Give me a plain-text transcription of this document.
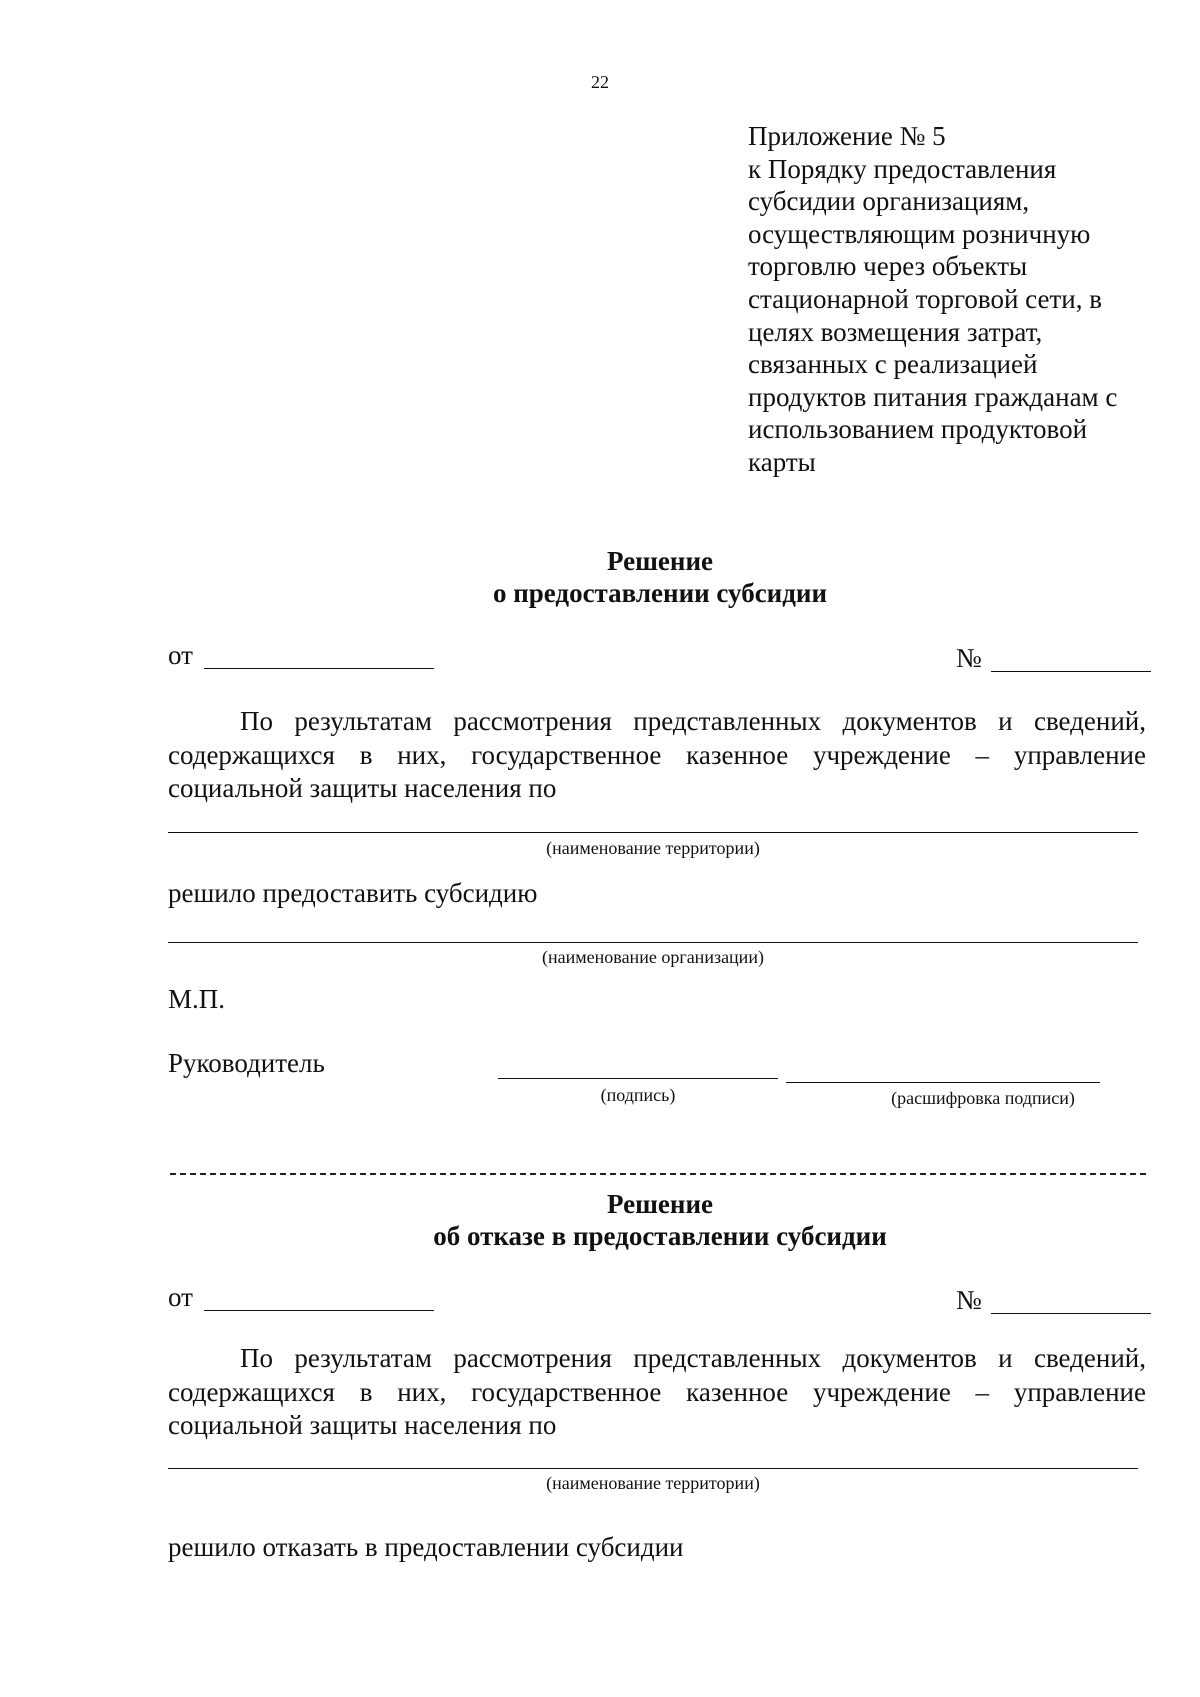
22
Приложение № 5
к Порядку предоставления
субсидии организациям,
осуществляющим розничную
торговлю через объекты
стационарной торговой сети, в
целях возмещения затрат,
связанных с реализацией
продуктов питания гражданам с
использованием продуктовой
карты
Решение
о предоставлении субсидии
от	№
По результатам рассмотрения представленных документов и сведений, содержащихся в них, государственное казенное учреждение – управление социальной защиты населения по
(наименование территории)
решило предоставить субсидию
(наименование организации)
М.П.
Руководитель
(подпись)	(расшифровка подписи)
Решение
об отказе в предоставлении субсидии
от	№
По результатам рассмотрения представленных документов и сведений, содержащихся в них, государственное казенное учреждение – управление социальной защиты населения по
(наименование территории)
решило отказать в предоставлении субсидии
